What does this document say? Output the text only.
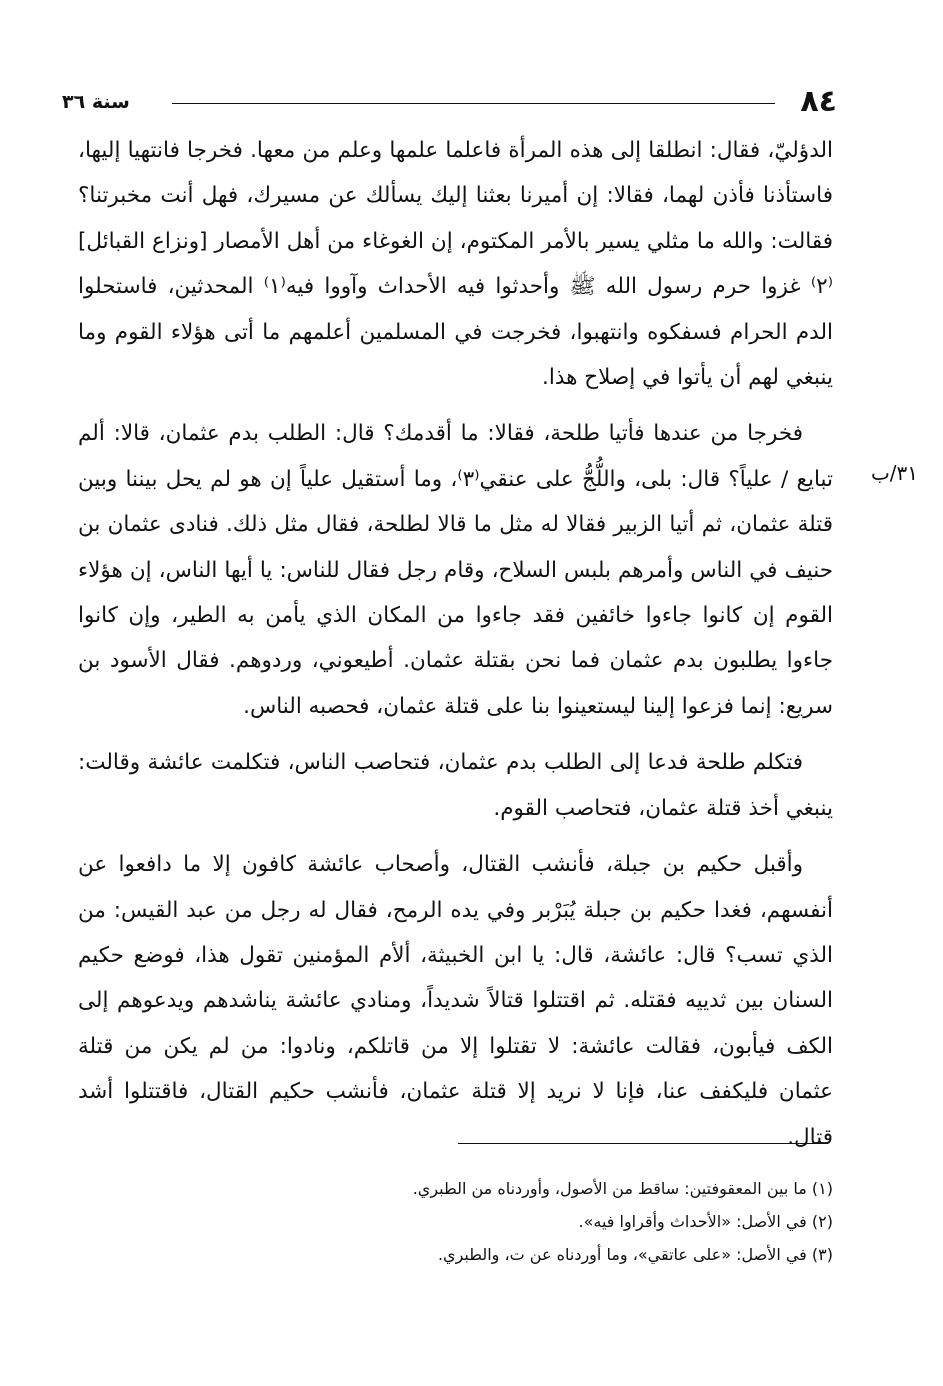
٨٤
سنة ٣٦
٣١/ب

الدؤليّ، فقال: انطلقا إلى هذه المرأة فاعلما علمها وعلم من معها. فخرجا فانتهيا إليها، فاستأذنا فأذن لهما، فقالا: إن أميرنا بعثنا إليك يسألك عن مسيرك، فهل أنت مخبرتنا؟ فقالت: والله ما مثلي يسير بالأمر المكتوم، إن الغوغاء من أهل الأمصار [ونزاع القبائل]⁽٢⁾ غزوا حرم رسول الله ﷺ وأحدثوا فيه الأحداث وآووا فيه⁽١⁾ المحدثين، فاستحلوا الدم الحرام فسفكوه وانتهبوا، فخرجت في المسلمين أعلمهم ما أتى هؤلاء القوم وما ينبغي لهم أن يأتوا في إصلاح هذا.

فخرجا من عندها فأتيا طلحة، فقالا: ما أقدمك؟ قال: الطلب بدم عثمان، قالا: ألم تبايع / علياً؟ قال: بلى، واللُّجُّ على عنقي⁽٣⁾، وما أستقيل علياً إن هو لم يحل بيننا وبين قتلة عثمان، ثم أتيا الزبير فقالا له مثل ما قالا لطلحة، فقال مثل ذلك. فنادى عثمان بن حنيف في الناس وأمرهم بلبس السلاح، وقام رجل فقال للناس: يا أيها الناس، إن هؤلاء القوم إن كانوا جاءوا خائفين فقد جاءوا من المكان الذي يأمن به الطير، وإن كانوا جاءوا يطلبون بدم عثمان فما نحن بقتلة عثمان. أطيعوني، وردوهم. فقال الأسود بن سريع: إنما فزعوا إلينا ليستعينوا بنا على قتلة عثمان، فحصبه الناس.

فتكلم طلحة فدعا إلى الطلب بدم عثمان، فتحاصب الناس، فتكلمت عائشة وقالت: ينبغي أخذ قتلة عثمان، فتحاصب القوم.

وأقبل حكيم بن جبلة، فأنشب القتال، وأصحاب عائشة كافون إلا ما دافعوا عن أنفسهم، فغدا حكيم بن جبلة يُبَرْبر وفي يده الرمح، فقال له رجل من عبد القيس: من الذي تسب؟ قال: عائشة، قال: يا ابن الخبيثة، ألأم المؤمنين تقول هذا، فوضع حكيم السنان بين ثدييه فقتله. ثم اقتتلوا قتالاً شديداً، ومنادي عائشة يناشدهم ويدعوهم إلى الكف فيأبون، فقالت عائشة: لا تقتلوا إلا من قاتلكم، ونادوا: من لم يكن من قتلة عثمان فليكفف عنا، فإنا لا نريد إلا قتلة عثمان، فأنشب حكيم القتال، فاقتتلوا أشد قتال.

(١) ما بين المعقوفتين: ساقط من الأصول، وأوردناه من الطبري.

(٢) في الأصل: «الأحداث وأقراوا فيه».

(٣) في الأصل: «على عاتقي»، وما أوردناه عن ت، والطبري.
